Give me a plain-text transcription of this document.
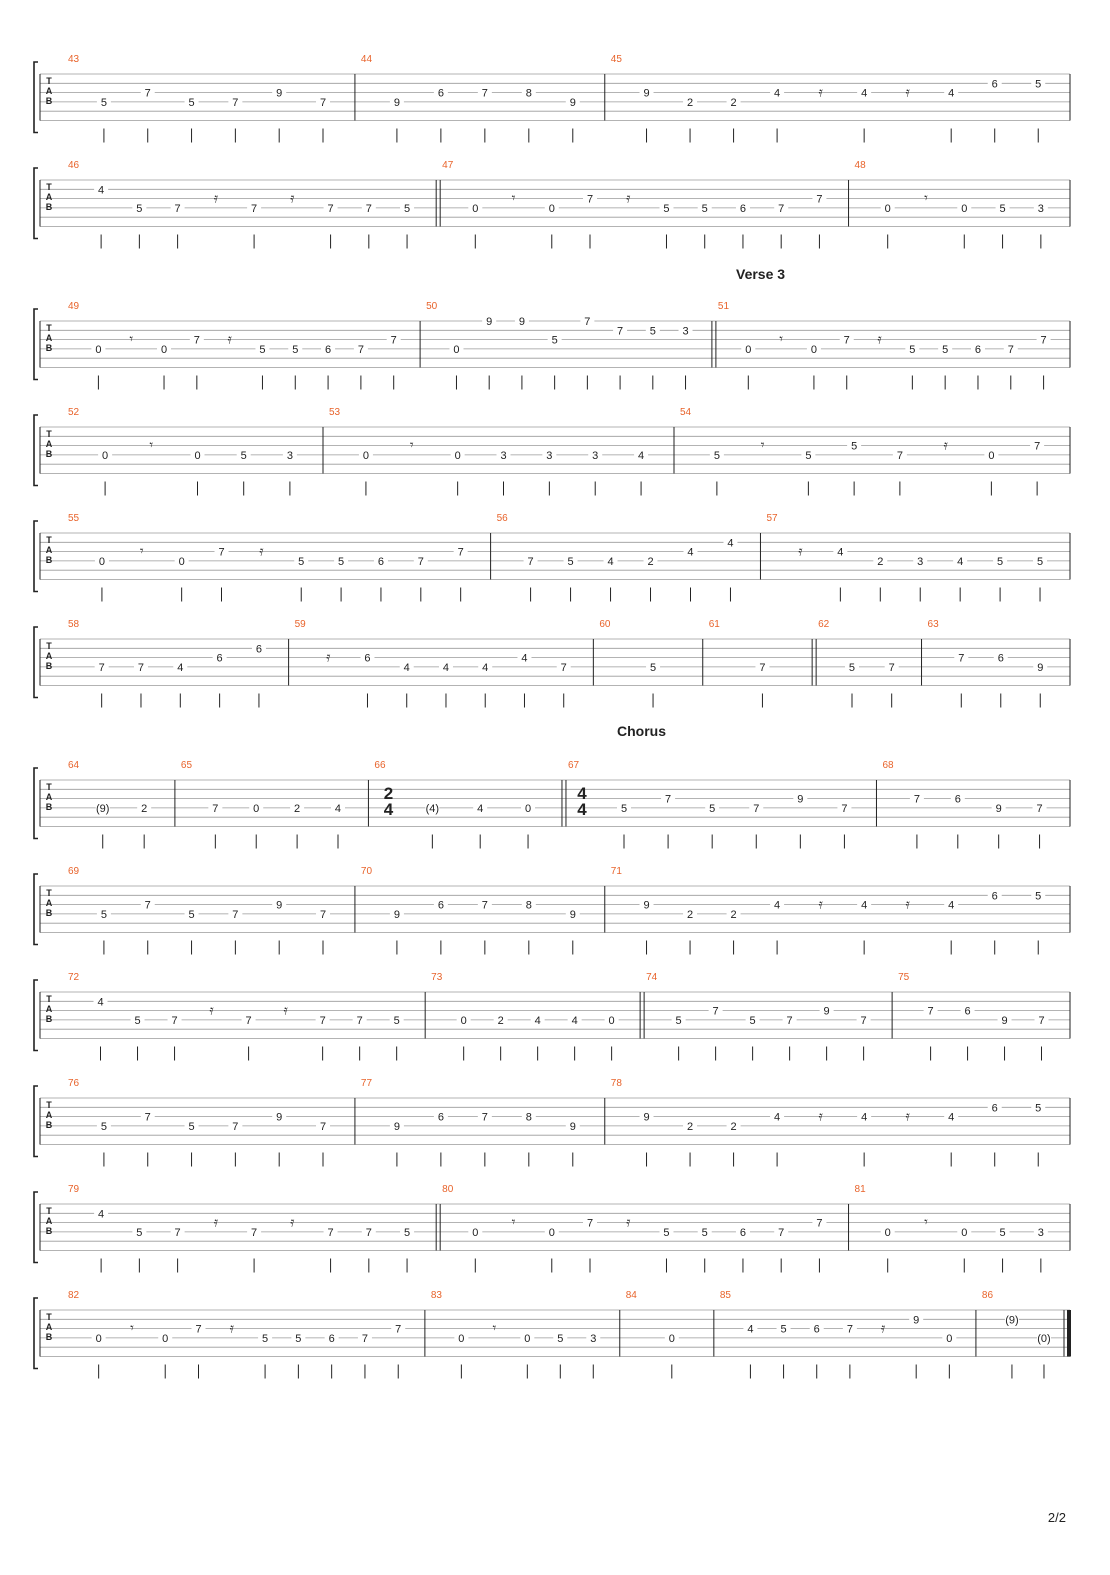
T
A
B
43
5
7
5	7
9
7
44
9
6	7	8
9
45
9
2	2
4	𝄿	4	𝄿	4
6	5
T
A
B
46
4
5	7
𝄿
7
𝄿
7	7	5
47
0
𝄾
0
7 𝄿
5	5	6	7
7
48
0
𝄾
0	5	3
T
A
B
49
0
𝄾
0
7 𝄿
5 5 6 7
7
50
0
9 9
5
7
7 5 3
51
0
𝄾
0
7 𝄿
5 5 6 7
7
T
A
B
52
0
𝄾
0	5	3
53
0
𝄾
0	3	3	3	4
54
5
𝄾
5
5
7
𝄿
0
7
T
A
B
55
0
𝄾
0
7 𝄿
5	5	6	7
7
56
7	5	4	2
4
4
57
𝄿	4
2	3	4	5	5
T
A
B
58
7	7	4
6
6
59
𝄿	6
4	4	4
4
7
60
5
61
7
62
5	7
63
7	6
9
T
A
B
64
(9)	2
65
7	0	2	4
66
2
4	(4)	4	0
67
4
4	5
7
5	7
9
7
68
7	6
9	7
T
A
B
69
5
7
5	7
9
7
70
9
6	7	8
9
71
9
2	2
4	𝄿	4	𝄿	4
6	5
T
A
B
72
4
5	7
𝄿
7
𝄿
7	7	5
73
0	2	4	4	0
74
5
7
5	7
9
7
75
7	6
9	7
T
A
B
76
5
7
5	7
9
7
77
9
6	7	8
9
78
9
2	2
4	𝄿	4	𝄿	4
6	5
T
A
B
79
4
5	7
𝄿
7
𝄿
7	7	5
80
0
𝄾
0
7 𝄿
5	5	6	7
7
81
0
𝄾
0	5	3
T
A
B
82
0
𝄾
0
7 𝄿
5 5 6 7
7
83
0
𝄾
0 5 3
84
0
85
4 5 6 7 𝄿	9
0
86
(9)
(0)
Verse 3
Chorus
2/2
